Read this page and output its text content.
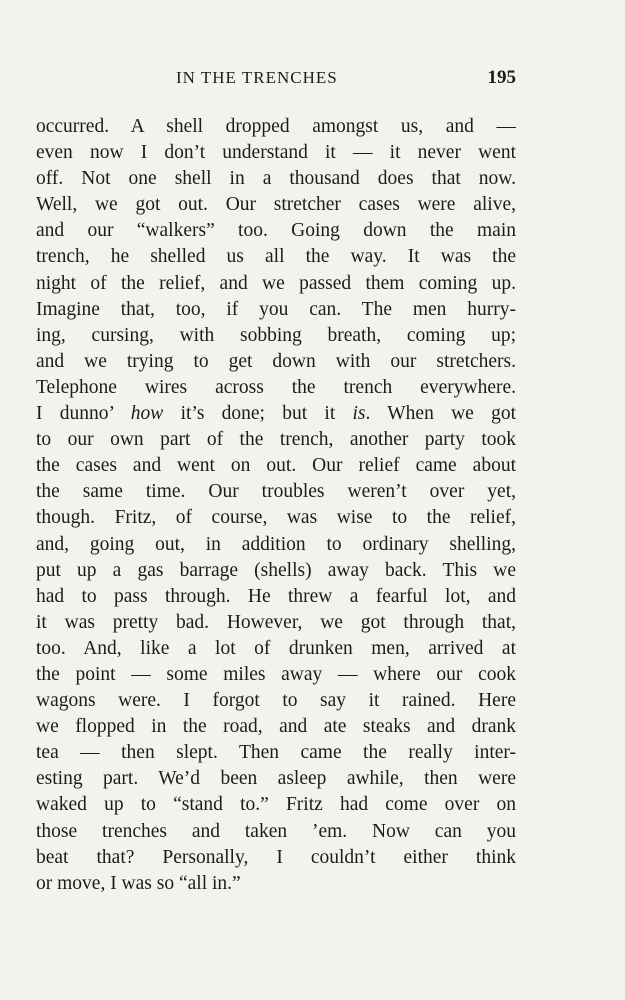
IN THE TRENCHES	195
occurred. A shell dropped amongst us, and —
even now I don’t understand it — it never went
off. Not one shell in a thousand does that now.
Well, we got out. Our stretcher cases were alive,
and our “walkers” too. Going down the main
trench, he shelled us all the way. It was the
night of the relief, and we passed them coming up.
Imagine that, too, if you can. The men hurry-
ing, cursing, with sobbing breath, coming up;
and we trying to get down with our stretchers.
Telephone wires across the trench everywhere.
I dunno’ how it’s done; but it is. When we got
to our own part of the trench, another party took
the cases and went on out. Our relief came about
the same time. Our troubles weren’t over yet,
though. Fritz, of course, was wise to the relief,
and, going out, in addition to ordinary shelling,
put up a gas barrage (shells) away back. This we
had to pass through. He threw a fearful lot, and
it was pretty bad. However, we got through that,
too. And, like a lot of drunken men, arrived at
the point — some miles away — where our cook
wagons were. I forgot to say it rained. Here
we flopped in the road, and ate steaks and drank
tea — then slept. Then came the really inter-
esting part. We’d been asleep awhile, then were
waked up to “stand to.” Fritz had come over on
those trenches and taken ’em. Now can you
beat that? Personally, I couldn’t either think
or move, I was so “all in.”
